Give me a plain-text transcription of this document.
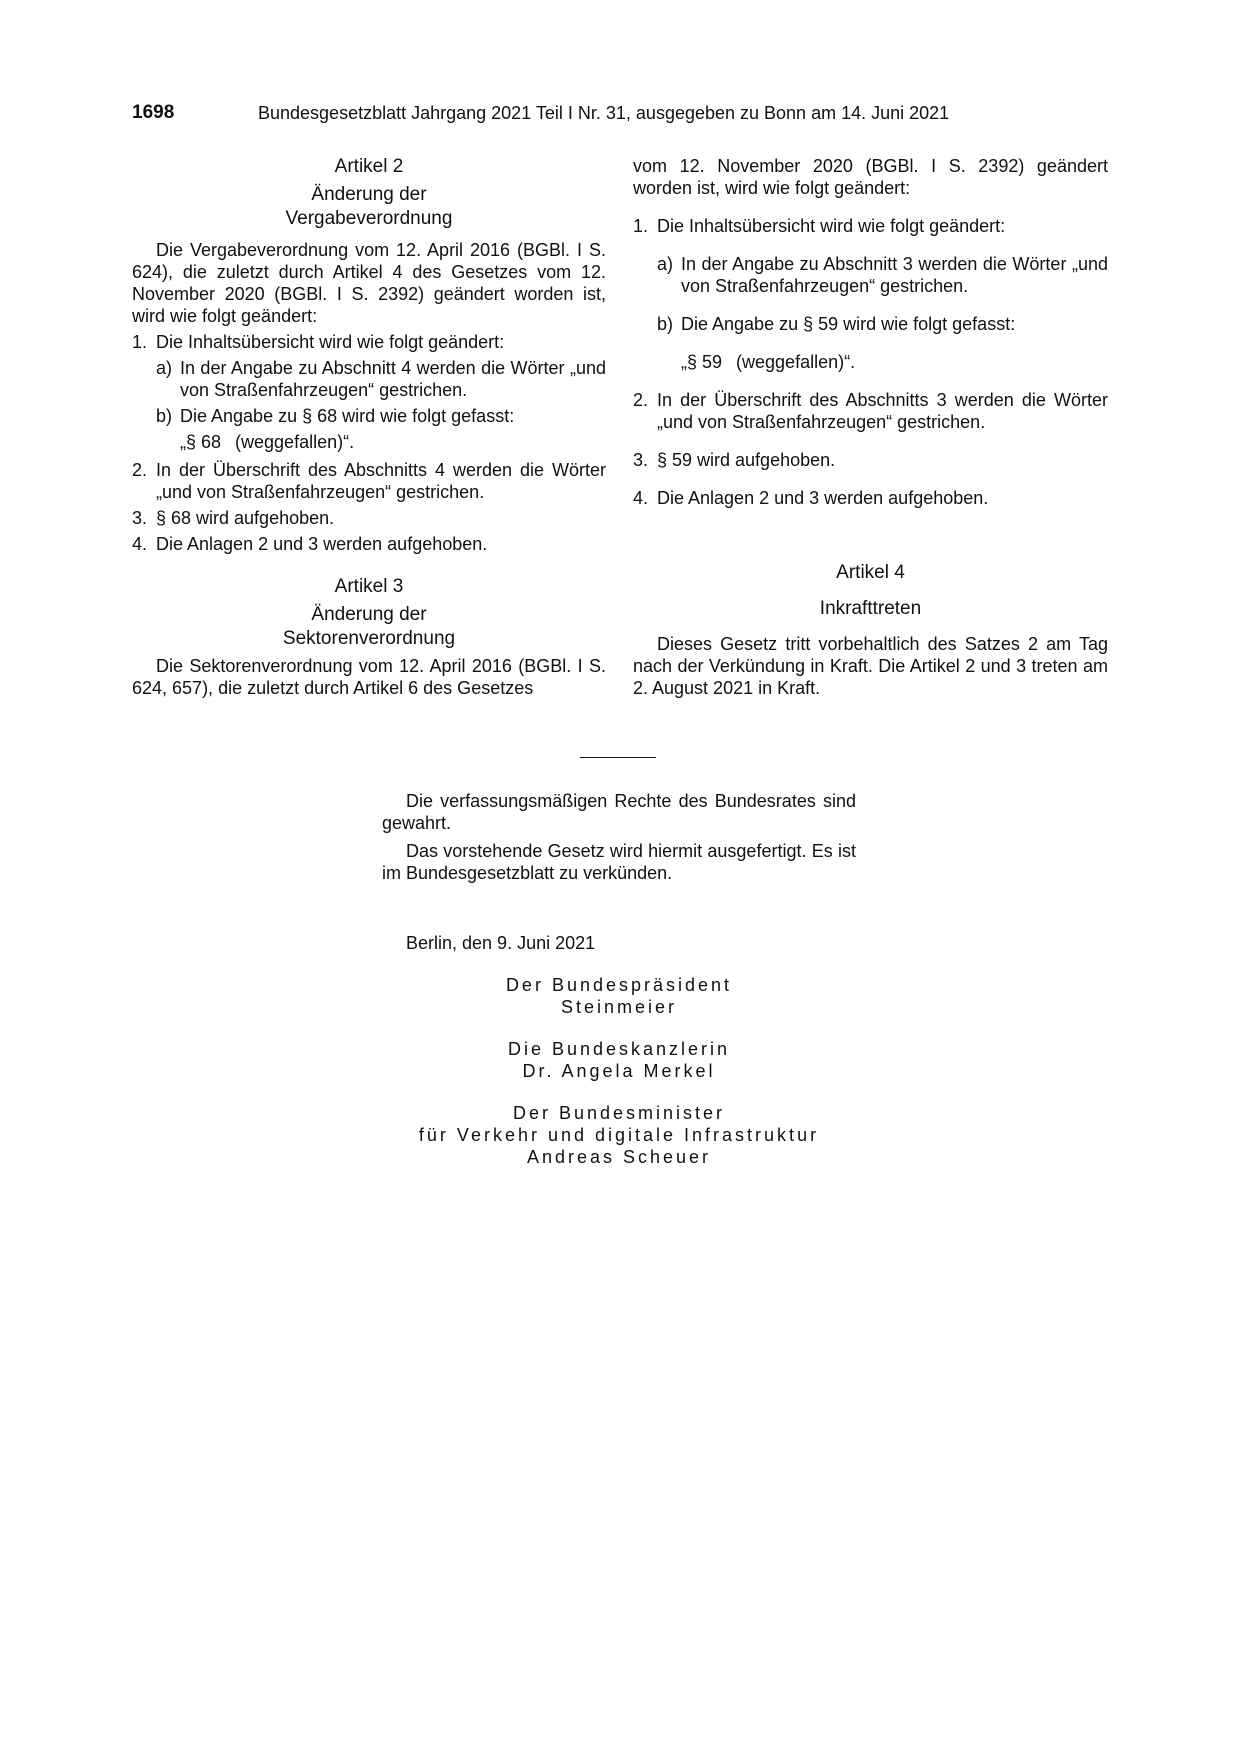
1698	Bundesgesetzblatt Jahrgang 2021 Teil I Nr. 31, ausgegeben zu Bonn am 14. Juni 2021
Artikel 2
Änderung der
Vergabeverordnung

Die Vergabeverordnung vom 12. April 2016 (BGBl. I S. 624), die zuletzt durch Artikel 4 des Gesetzes vom 12. November 2020 (BGBl. I S. 2392) geändert worden ist, wird wie folgt geändert:

1. Die Inhaltsübersicht wird wie folgt geändert:
a) In der Angabe zu Abschnitt 4 werden die Wörter „und von Straßenfahrzeugen“ gestrichen.
b) Die Angabe zu § 68 wird wie folgt gefasst:
„§ 68 (weggefallen)“.
2. In der Überschrift des Abschnitts 4 werden die Wörter „und von Straßenfahrzeugen“ gestrichen.
3. § 68 wird aufgehoben.
4. Die Anlagen 2 und 3 werden aufgehoben.
Artikel 3
Änderung der
Sektorenverordnung

Die Sektorenverordnung vom 12. April 2016 (BGBl. I S. 624, 657), die zuletzt durch Artikel 6 des Gesetzes

vom 12. November 2020 (BGBl. I S. 2392) geändert worden ist, wird wie folgt geändert:

1. Die Inhaltsübersicht wird wie folgt geändert:
a) In der Angabe zu Abschnitt 3 werden die Wörter „und von Straßenfahrzeugen“ gestrichen.
b) Die Angabe zu § 59 wird wie folgt gefasst:
„§ 59 (weggefallen)“.
2. In der Überschrift des Abschnitts 3 werden die Wörter „und von Straßenfahrzeugen“ gestrichen.
3. § 59 wird aufgehoben.
4. Die Anlagen 2 und 3 werden aufgehoben.
Artikel 4
Inkrafttreten

Dieses Gesetz tritt vorbehaltlich des Satzes 2 am Tag nach der Verkündung in Kraft. Die Artikel 2 und 3 treten am 2. August 2021 in Kraft.

Die verfassungsmäßigen Rechte des Bundesrates sind gewahrt.

Das vorstehende Gesetz wird hiermit ausgefertigt. Es ist im Bundesgesetzblatt zu verkünden.

Berlin, den 9. Juni 2021
Der Bundespräsident
Steinmeier
Die Bundeskanzlerin
Dr. Angela Merkel
Der Bundesminister
für Verkehr und digitale Infrastruktur
Andreas Scheuer
